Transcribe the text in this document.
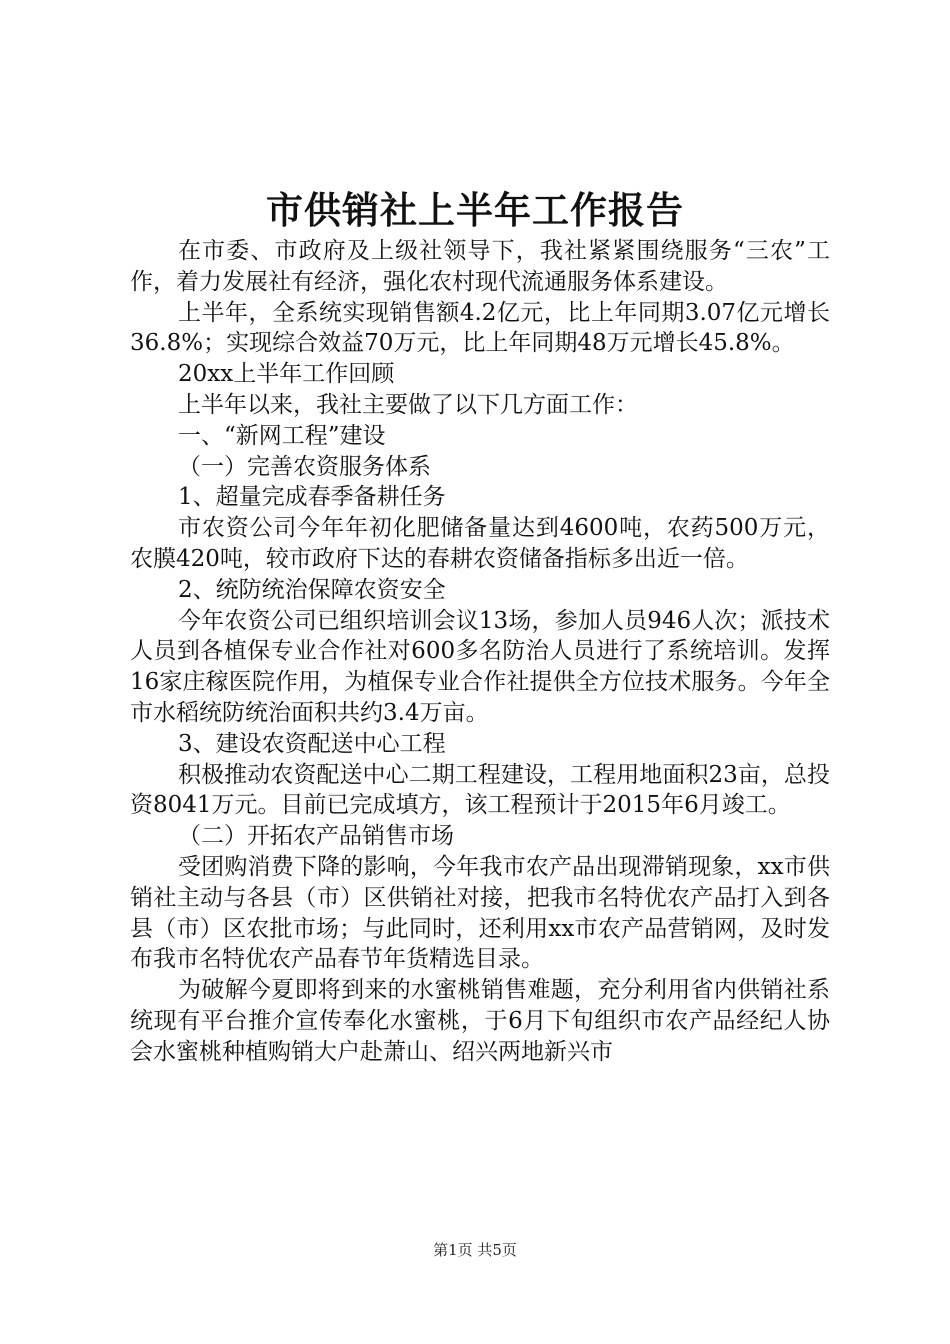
市供销社上半年工作报告

在市委、市政府及上级社领导下，我社紧紧围绕服务“三农”工作，着力发展社有经济，强化农村现代流通服务体系建设。

上半年，全系统实现销售额4.2亿元，比上年同期3.07亿元增长36.8%；实现综合效益70万元，比上年同期48万元增长45.8%。

20xx上半年工作回顾

上半年以来，我社主要做了以下几方面工作：

一、“新网工程”建设

（一）完善农资服务体系

1、超量完成春季备耕任务

市农资公司今年年初化肥储备量达到4600吨，农药500万元，农膜420吨，较市政府下达的春耕农资储备指标多出近一倍。

2、统防统治保障农资安全

今年农资公司已组织培训会议13场，参加人员946人次；派技术人员到各植保专业合作社对600多名防治人员进行了系统培训。发挥16家庄稼医院作用，为植保专业合作社提供全方位技术服务。今年全市水稻统防统治面积共约3.4万亩。

3、建设农资配送中心工程

积极推动农资配送中心二期工程建设，工程用地面积23亩，总投资8041万元。目前已完成填方，该工程预计于2015年6月竣工。

（二）开拓农产品销售市场

受团购消费下降的影响，今年我市农产品出现滞销现象，xx市供销社主动与各县（市）区供销社对接，把我市名特优农产品打入到各县（市）区农批市场；与此同时，还利用xx市农产品营销网，及时发布我市名特优农产品春节年货精选目录。

为破解今夏即将到来的水蜜桃销售难题，充分利用省内供销社系统现有平台推介宣传奉化水蜜桃，于6月下旬组织市农产品经纪人协会水蜜桃种植购销大户赴萧山、绍兴两地新兴市

第1页 共5页
